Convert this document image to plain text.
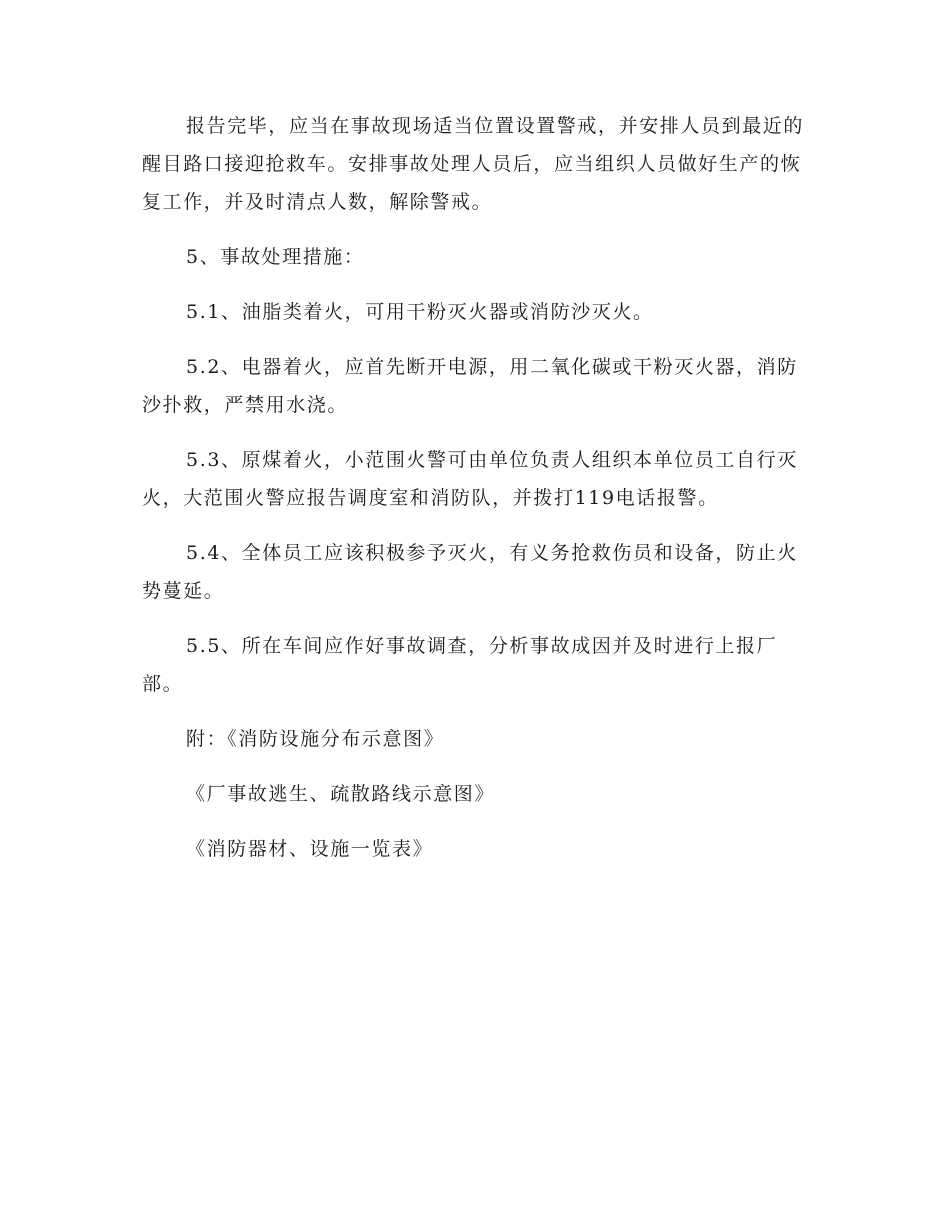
报告完毕，应当在事故现场适当位置设置警戒，并安排人员到最近的醒目路口接迎抢救车。安排事故处理人员后，应当组织人员做好生产的恢复工作，并及时清点人数，解除警戒。

5、事故处理措施：

5.1、油脂类着火，可用干粉灭火器或消防沙灭火。

5.2、电器着火，应首先断开电源，用二氧化碳或干粉灭火器，消防沙扑救，严禁用水浇。

5.3、原煤着火，小范围火警可由单位负责人组织本单位员工自行灭火，大范围火警应报告调度室和消防队，并拨打119电话报警。

5.4、全体员工应该积极参予灭火，有义务抢救伤员和设备，防止火势蔓延。

5.5、所在车间应作好事故调查，分析事故成因并及时进行上报厂部。

附：《消防设施分布示意图》

《厂事故逃生、疏散路线示意图》

《消防器材、设施一览表》
